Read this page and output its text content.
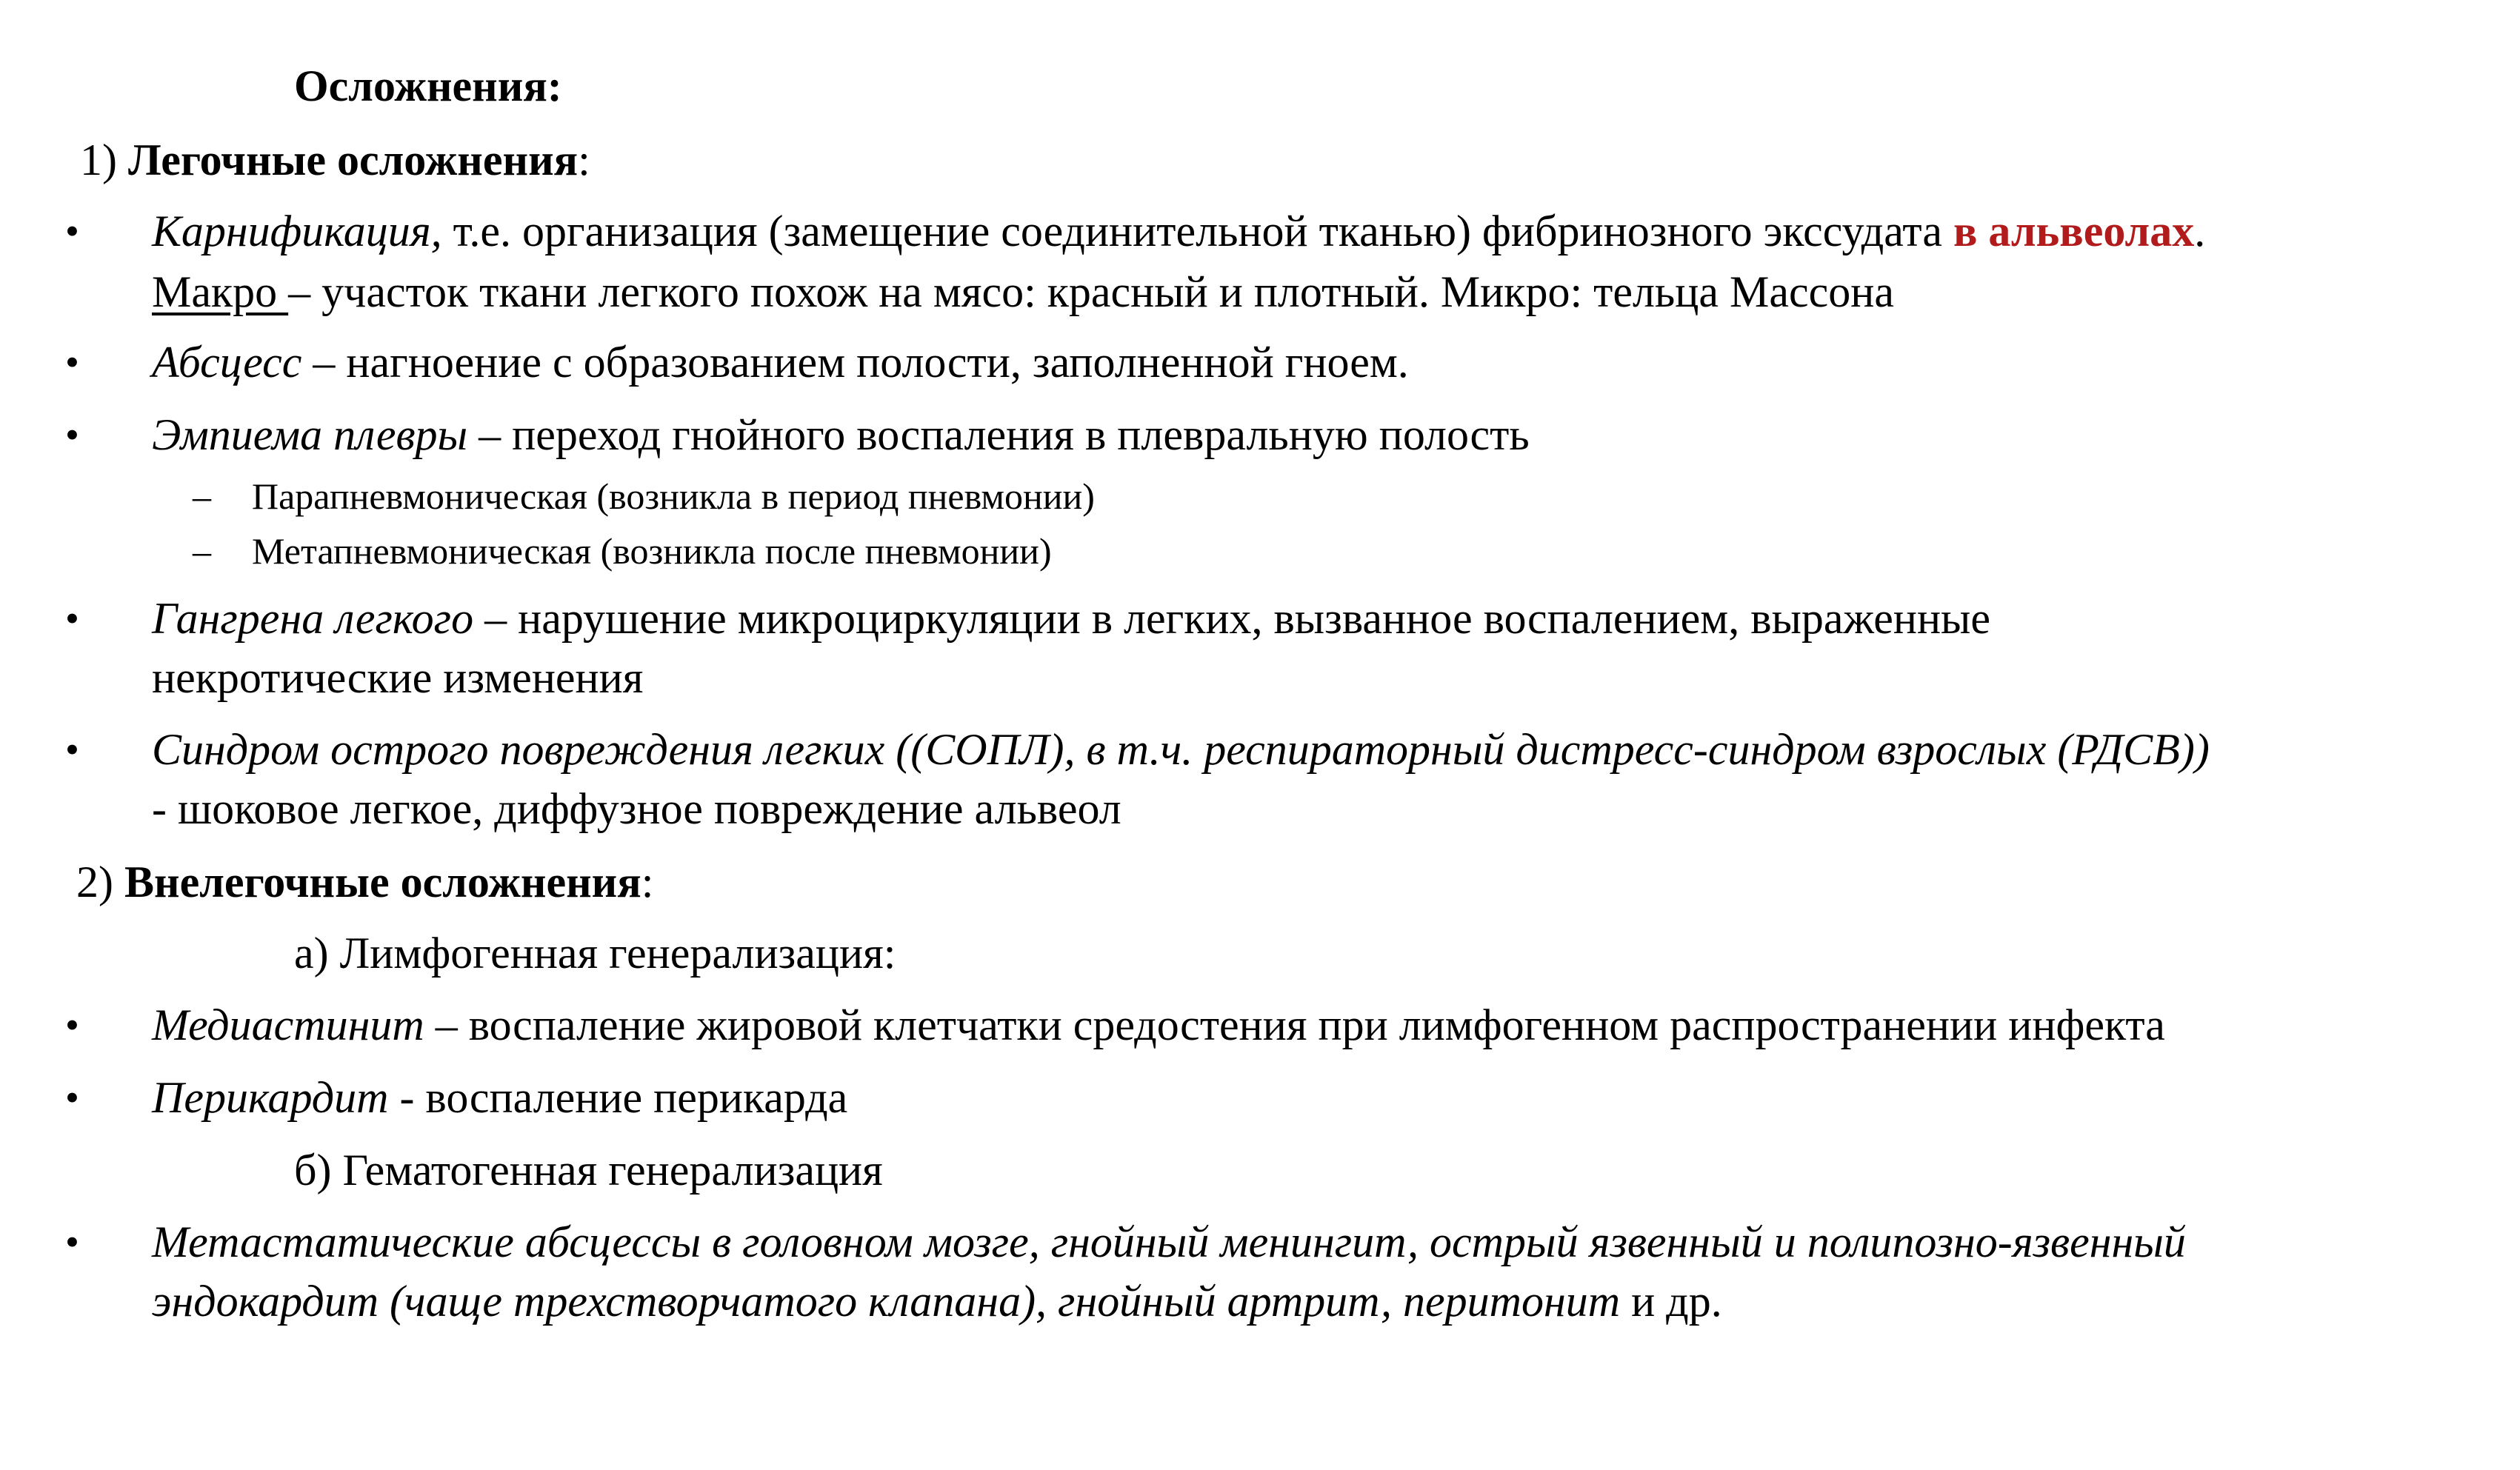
Осложнения:
1) Легочные осложнения:
• Карнификация, т.е. организация (замещение соединительной тканью) фибринозного экссудата в альвеолах.
Макро – участок ткани легкого похож на мясо: красный и плотный. Микро: тельца Массона
• Абсцесс – нагноение с образованием полости, заполненной гноем.
• Эмпиема плевры – переход гнойного воспаления в плевральную полость
– Парапневмоническая (возникла в период пневмонии)
– Метапневмоническая (возникла после пневмонии)
• Гангрена легкого – нарушение микроциркуляции в легких, вызванное воспалением, выраженные
некротические изменения
• Синдром острого повреждения легких ((СОПЛ), в т.ч. респираторный дистресс-синдром взрослых (РДСВ))
- шоковое легкое, диффузное повреждение альвеол
2) Внелегочные осложнения:
а) Лимфогенная генерализация:
• Медиастинит – воспаление жировой клетчатки средостения при лимфогенном распространении инфекта
• Перикардит - воспаление перикарда
б) Гематогенная генерализация
• Метастатические абсцессы в головном мозге, гнойный менингит, острый язвенный и полипозно-язвенный
эндокардит (чаще трехстворчатого клапана), гнойный артрит, перитонит и др.
